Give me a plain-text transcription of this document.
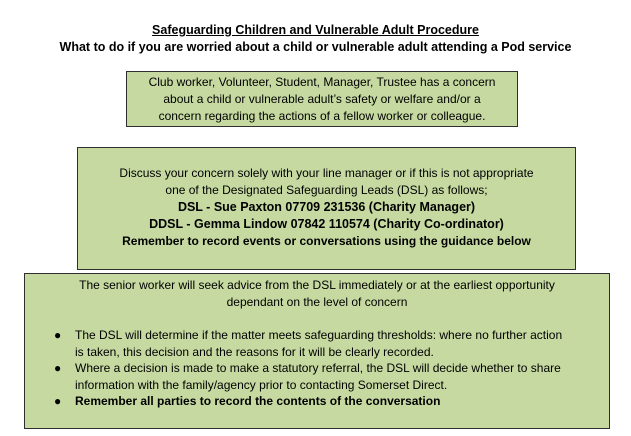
Safeguarding Children and Vulnerable Adult Procedure
What to do if you are worried about a child or vulnerable adult attending a Pod service
Club worker, Volunteer, Student, Manager, Trustee has a concern
about a child or vulnerable adult’s safety or welfare and/or a
concern regarding the actions of a fellow worker or colleague.
Discuss your concern solely with your line manager or if this is not appropriate
one of the Designated Safeguarding Leads (DSL) as follows;
DSL - Sue Paxton 07709 231536 (Charity Manager)
DDSL - Gemma Lindow 07842 110574 (Charity Co-ordinator)
Remember to record events or conversations using the guidance below
The senior worker will seek advice from the DSL immediately or at the earliest opportunity
dependant on the level of concern
● The DSL will determine if the matter meets safeguarding thresholds: where no further action
is taken, this decision and the reasons for it will be clearly recorded.
● Where a decision is made to make a statutory referral, the DSL will decide whether to share
information with the family/agency prior to contacting Somerset Direct.
● Remember all parties to record the contents of the conversation
